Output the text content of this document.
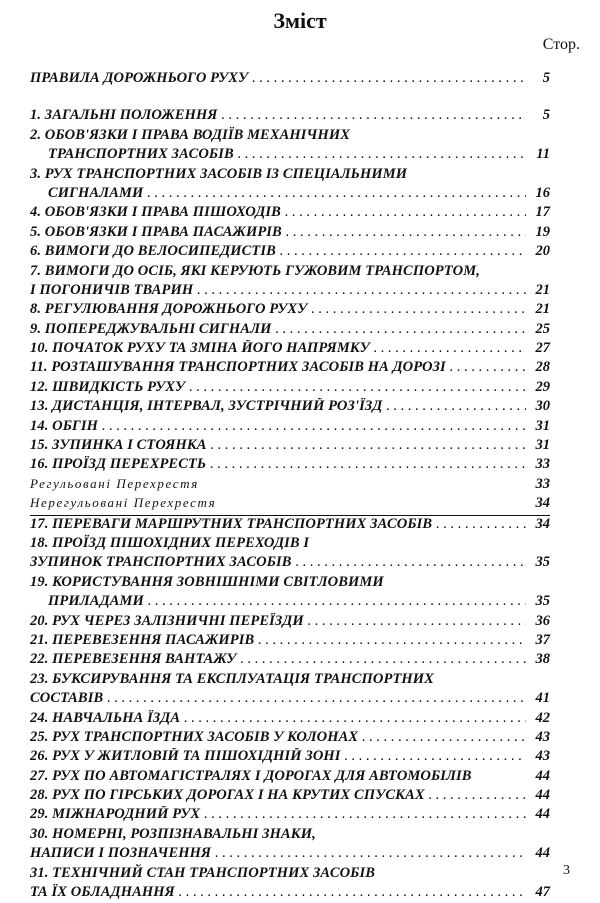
Зміст
Стор.
ПРАВИЛА ДОРОЖНЬОГО РУХУ . . .	5
1. ЗАГАЛЬНІ ПОЛОЖЕННЯ . . .	5
2. ОБОВ'ЯЗКИ І ПРАВА ВОДІЇВ МЕХАНІЧНИХ
ТРАНСПОРТНИХ ЗАСОБІВ . . .	11
3. РУХ ТРАНСПОРТНИХ ЗАСОБІВ ІЗ СПЕЦІАЛЬНИМИ
СИГНАЛАМИ . . .	16
4. ОБОВ'ЯЗКИ І ПРАВА ПІШОХОДІВ . . .	17
5. ОБОВ'ЯЗКИ І ПРАВА ПАСАЖИРІВ . . .	19
6. ВИМОГИ ДО ВЕЛОСИПЕДИСТІВ . . .	20
7. ВИМОГИ ДО ОСІБ, ЯКІ КЕРУЮТЬ ГУЖОВИМ ТРАНСПОРТОМ,
І ПОГОНИЧІВ ТВАРИН . . .	21
8. РЕГУЛЮВАННЯ ДОРОЖНЬОГО РУХУ . . .	21
9. ПОПЕРЕДЖУВАЛЬНІ СИГНАЛИ . . .	25
10. ПОЧАТОК РУХУ ТА ЗМІНА ЙОГО НАПРЯМКУ . . .	27
11. РОЗТАШУВАННЯ ТРАНСПОРТНИХ ЗАСОБІВ НА ДОРОЗІ . . .	28
12. ШВИДКІСТЬ РУХУ . . .	29
13. ДИСТАНЦІЯ, ІНТЕРВАЛ, ЗУСТРІЧНИЙ РОЗ'ЇЗД . . .	30
14. ОБГІН . . .	31
15. ЗУПИНКА І СТОЯНКА . . .	31
16. ПРОЇЗД ПЕРЕХРЕСТЬ . . .	33
Регульовані Перехрестя	33
Нерегульовані Перехрестя	34
17. ПЕРЕВАГИ МАРШРУТНИХ ТРАНСПОРТНИХ ЗАСОБІВ . . .	34
18. ПРОЇЗД ПІШОХІДНИХ ПЕРЕХОДІВ І
ЗУПИНОК ТРАНСПОРТНИХ ЗАСОБІВ . . .	35
19. КОРИСТУВАННЯ ЗОВНІШНІМИ СВІТЛОВИМИ
ПРИЛАДАМИ . . .	35
20. РУХ ЧЕРЕЗ ЗАЛІЗНИЧНІ ПЕРЕЇЗДИ . . .	36
21. ПЕРЕВЕЗЕННЯ ПАСАЖИРІВ . . .	37
22. ПЕРЕВЕЗЕННЯ ВАНТАЖУ . . .	38
23. БУКСИРУВАННЯ ТА ЕКСПЛУАТАЦІЯ ТРАНСПОРТНИХ
СОСТАВІВ . . .	41
24. НАВЧАЛЬНА ЇЗДА . . .	42
25. РУХ ТРАНСПОРТНИХ ЗАСОБІВ У КОЛОНАХ . . .	43
26. РУХ У ЖИТЛОВІЙ ТА ПІШОХІДНІЙ ЗОНІ . . .	43
27. РУХ ПО АВТОМАГІСТРАЛЯХ І ДОРОГАХ ДЛЯ АВТОМОБІЛІВ	44
28. РУХ ПО ГІРСЬКИХ ДОРОГАХ І НА КРУТИХ СПУСКАХ . . .	44
29. МІЖНАРОДНИЙ РУХ . . .	44
30. НОМЕРНІ, РОЗПІЗНАВАЛЬНІ ЗНАКИ,
НАПИСИ І ПОЗНАЧЕННЯ . . .	44
31. ТЕХНІЧНИЙ СТАН ТРАНСПОРТНИХ ЗАСОБІВ
ТА ЇХ ОБЛАДНАННЯ . . .	47
3
